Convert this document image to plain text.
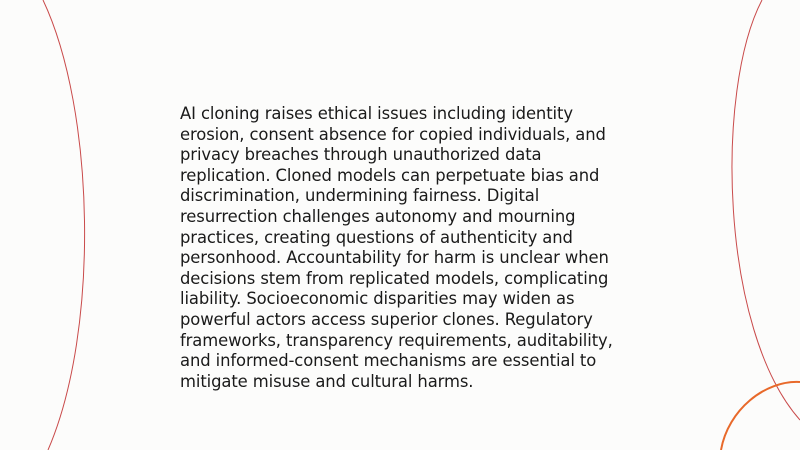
AI cloning raises ethical issues including identity erosion, consent absence for copied individuals, and privacy breaches through unauthorized data replication. Cloned models can perpetuate bias and discrimination, undermining fairness. Digital resurrection challenges autonomy and mourning practices, creating questions of authenticity and personhood. Accountability for harm is unclear when decisions stem from replicated models, complicating liability. Socioeconomic disparities may widen as powerful actors access superior clones. Regulatory frameworks, transparency requirements, auditability, and informed-consent mechanisms are essential to mitigate misuse and cultural harms.
